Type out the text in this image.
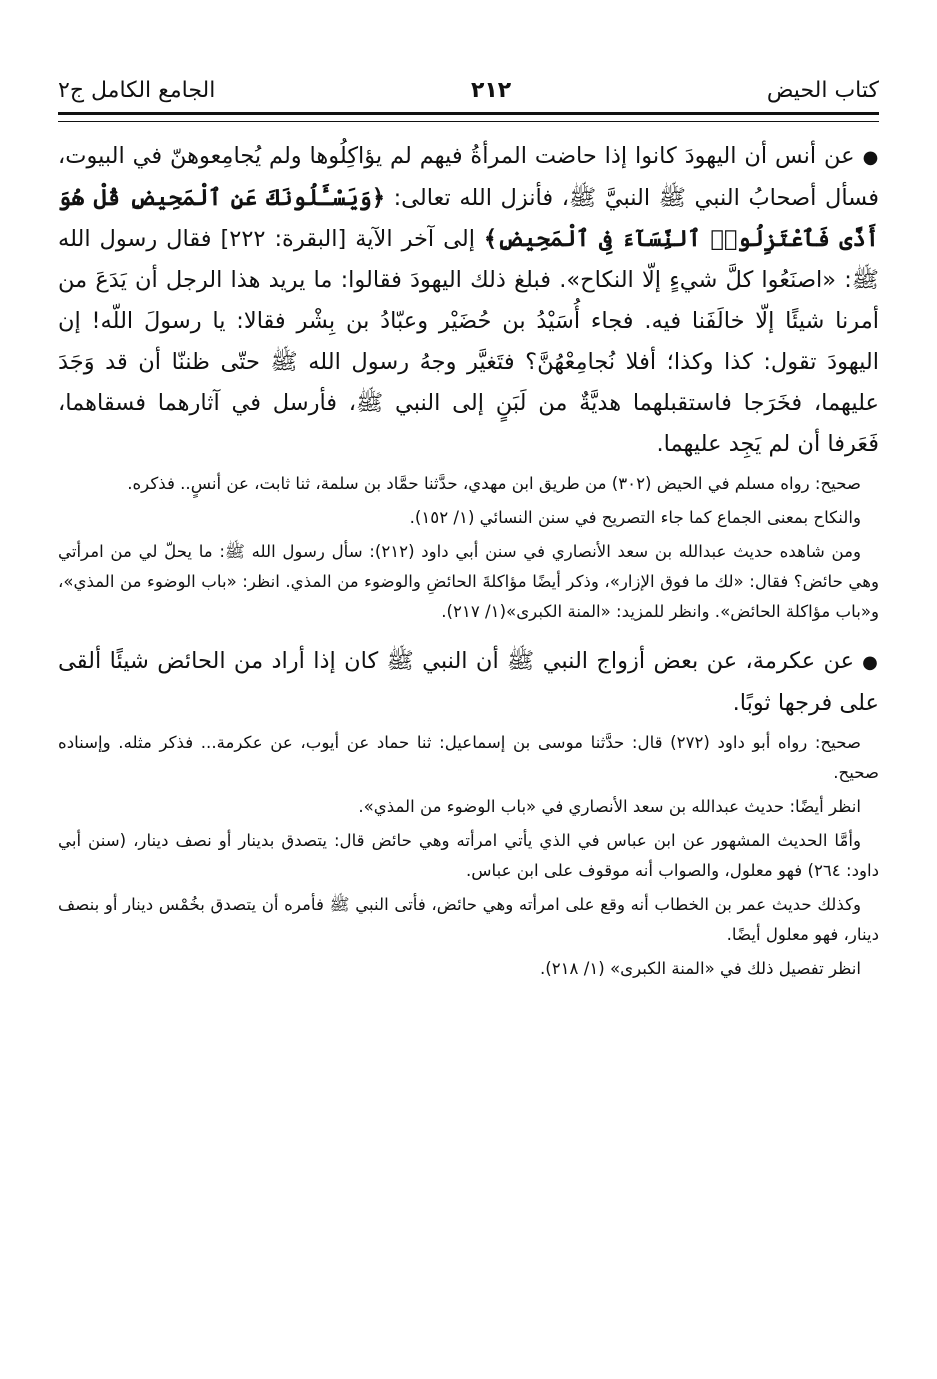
كتاب الحيض
٢١٢
الجامع الكامل ج٢

●عن أنس أن اليهودَ كانوا إذا حاضت المرأةُ فيهم لم يؤاكِلُوها ولم يُجامِعوهنّ في البيوت، فسأل أصحابُ النبي ﷺ النبيَّ ﷺ، فأنزل الله تعالى: ﴿وَيَسْـَٔلُونَكَ عَنِ ٱلْمَحِيضِ قُلْ هُوَ أَذًى فَٱعْتَزِلُوا۟ ٱلنِّسَآءَ فِى ٱلْمَحِيضِ﴾ إلى آخر الآية [البقرة: ٢٢٢] فقال رسول الله ﷺ: «اصنَعُوا كلَّ شيءٍ إلّا النكاح». فبلغ ذلك اليهودَ فقالوا: ما يريد هذا الرجل أن يَدَعَ من أمرنا شيئًا إلّا خالَفَنا فيه. فجاء أُسَيْدُ بن حُضَيْر وعبّادُ بن بِشْر فقالا: يا رسولَ اللّه! إن اليهودَ تقول: كذا وكذا؛ أفلا نُجامِعْهُنَّ؟ فتَغيَّر وجهُ رسول الله ﷺ حتّى ظننّا أن قد وَجَدَ عليهما، فخَرَجا فاستقبلهما هديَّةٌ من لَبَنٍ إلى النبي ﷺ، فأرسل في آثارهما فسقاهما، فَعَرفا أن لم يَجِد عليهما.

صحيح: رواه مسلم في الحيض (٣٠٢) من طريق ابن مهدي، حدَّثنا حمَّاد بن سلمة، ثنا ثابت، عن أنسٍ.. فذكره.

والنكاح بمعنى الجماع كما جاء التصريح في سنن النسائي (١/ ١٥٢).

ومن شاهده حديث عبدالله بن سعد الأنصاري في سنن أبي داود (٢١٢): سأل رسول الله ﷺ: ما يحلّ لي من امرأتي وهي حائض؟ فقال: «لك ما فوق الإزار»، وذكر أيضًا مؤاكلةَ الحائضِ والوضوء من المذي. انظر: «باب الوضوء من المذي»، و«باب مؤاكلة الحائض». وانظر للمزيد: «المنة الكبرى»(١/ ٢١٧).

●عن عكرمة، عن بعض أزواج النبي ﷺ أن النبي ﷺ كان إذا أراد من الحائض شيئًا ألقى على فرجها ثوبًا.

صحيح: رواه أبو داود (٢٧٢) قال: حدَّثنا موسى بن إسماعيل: ثنا حماد عن أيوب، عن عكرمة... فذكر مثله. وإسناده صحيح.

انظر أيضًا: حديث عبدالله بن سعد الأنصاري في «باب الوضوء من المذي».

وأمَّا الحديث المشهور عن ابن عباس في الذي يأتي امرأته وهي حائض قال: يتصدق بدينار أو نصف دينار، (سنن أبي داود: ٢٦٤) فهو معلول، والصواب أنه موقوف على ابن عباس.

وكذلك حديث عمر بن الخطاب أنه وقع على امرأته وهي حائض، فأتى النبي ﷺ فأمره أن يتصدق بخُمْس دينار أو بنصف دينار، فهو معلول أيضًا.

انظر تفصيل ذلك في «المنة الكبرى» (١/ ٢١٨).
